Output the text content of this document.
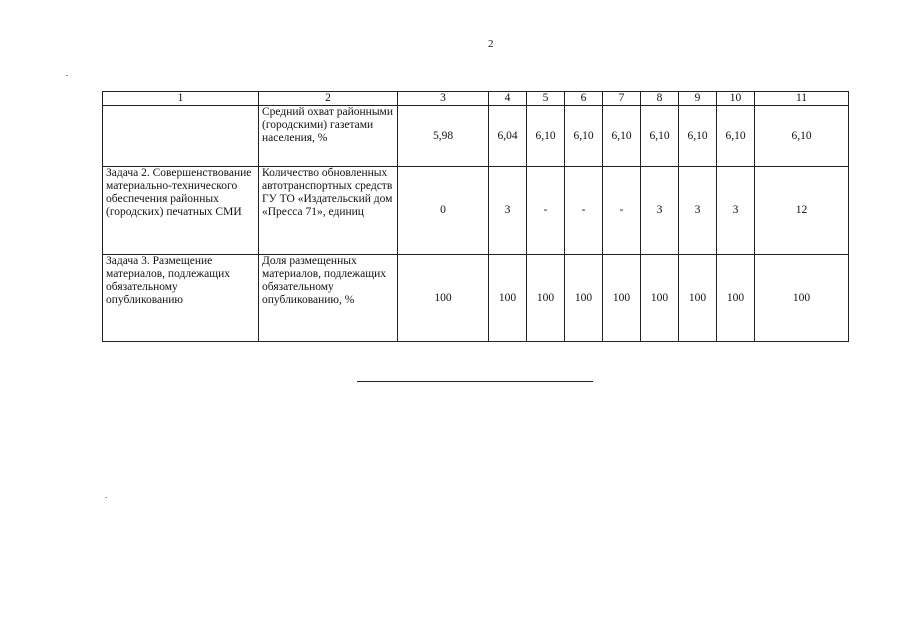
2
1	2	3	4	5	6	7	8	9	10	11
	Средний охват районными (городскими) газетами населения, %	5,98	6,04	6,10	6,10	6,10	6,10	6,10	6,10	6,10
Задача 2. Совершенствование материально-технического обеспечения районных (городских) печатных СМИ	Количество обновленных автотранспортных средств ГУ ТО «Издательский дом «Пресса 71», единиц	0	3	-	-	-	3	3	3	12
Задача 3. Размещение материалов, подлежащих обязательному опубликованию	Доля размещенных материалов, подлежащих обязательному опубликованию, %	100	100	100	100	100	100	100	100	100
